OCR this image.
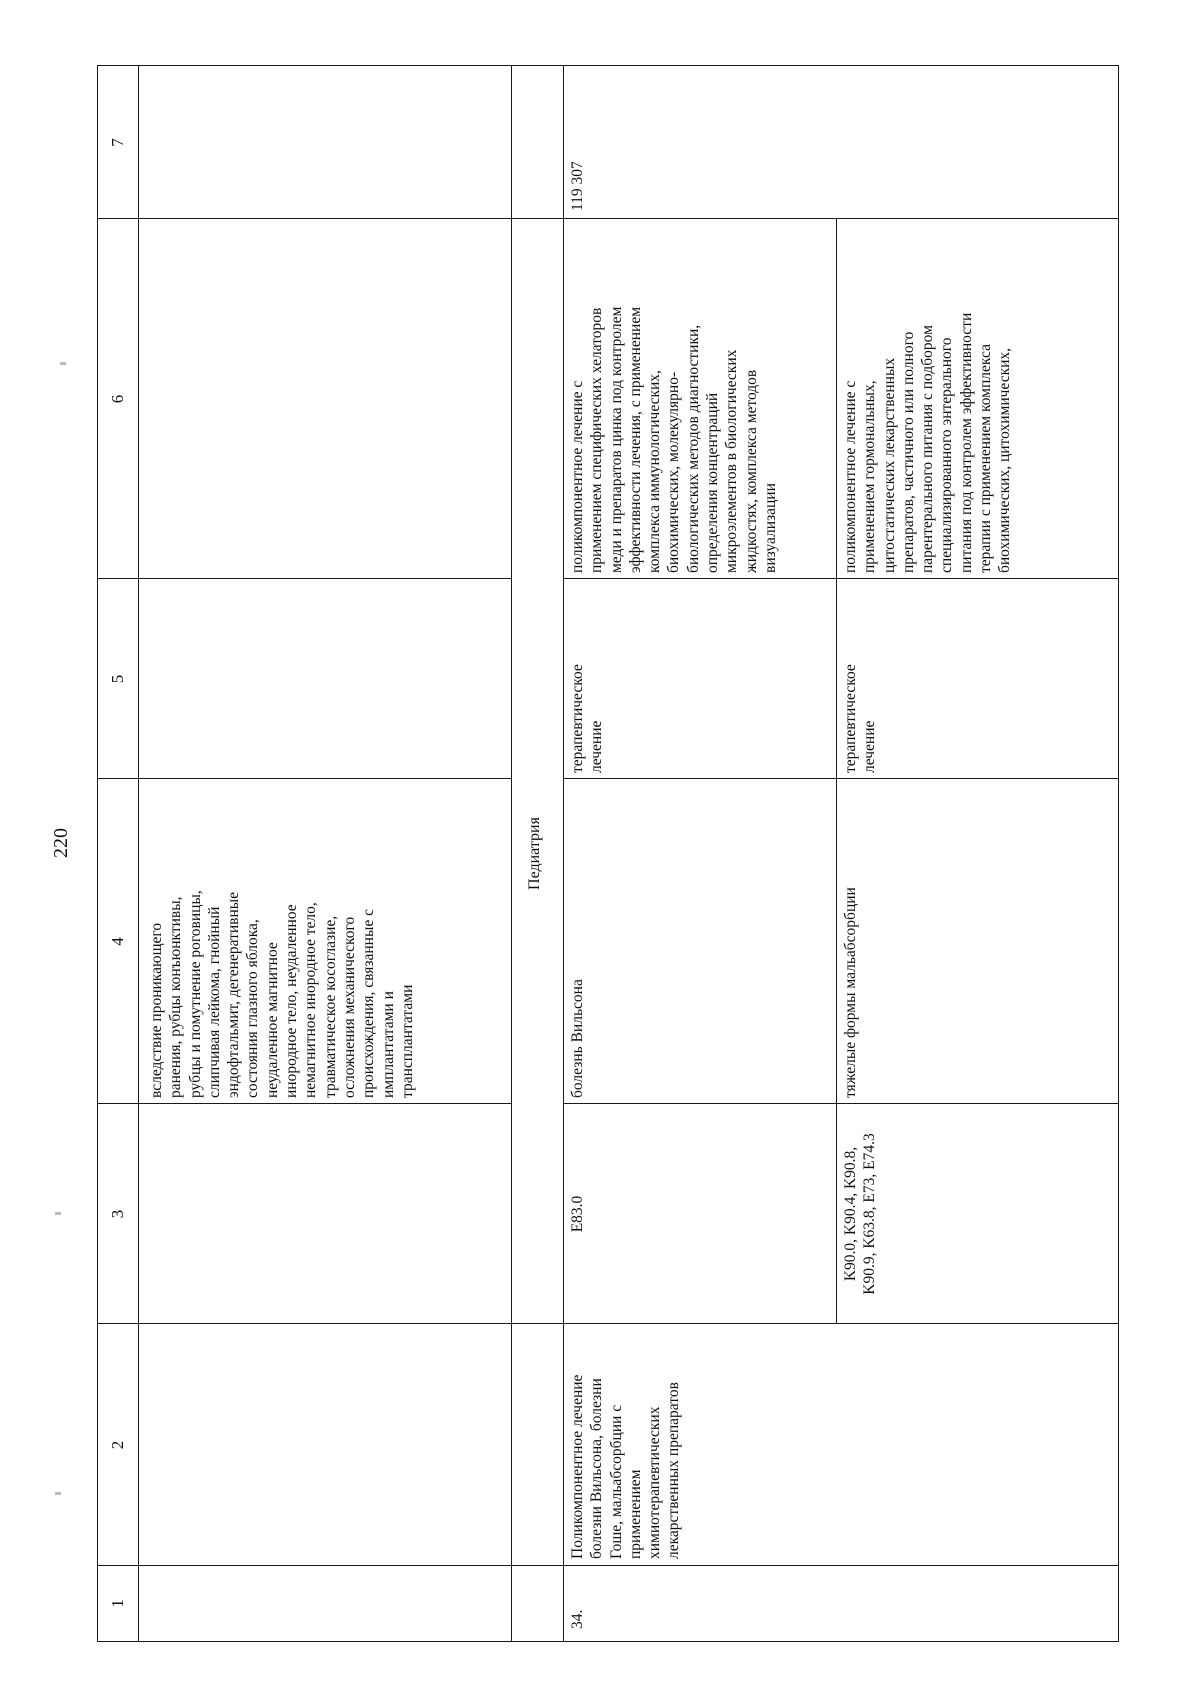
220
1
2
3
4
5
6
7
вследствие проникающего
ранения, рубцы конъюнктивы,
рубцы и помутнение роговицы,
слипчивая лейкома, гнойный
эндофтальмит, дегенеративные
состояния глазного яблока,
неудаленное магнитное
инородное тело, неудаленное
немагнитное инородное тело,
травматическое косоглазие,
осложнения механического
происхождения, связанные с
имплантатами и
трансплантатами
Педиатрия
34.
Поликомпонентное лечение
болезни Вильсона, болезни
Гоше, мальабсорбции с
применением
химиотерапевтических
лекарственных препаратов
119 307
E83.0
болезнь Вильсона
терапевтическое
лечение
поликомпонентное лечение с
применением специфических хелаторов
меди и препаратов цинка под контролем
эффективности лечения, с применением
комплекса иммунологических,
биохимических, молекулярно-
биологических методов диагностики,
определения концентраций
микроэлементов в биологических
жидкостях, комплекса методов
визуализации
K90.0, K90.4, K90.8,
K90.9, K63.8, E73, E74.3
тяжелые формы мальабсорбции
терапевтическое
лечение
поликомпонентное лечение с
применением гормональных,
цитостатических лекарственных
препаратов, частичного или полного
парентерального питания с подбором
специализированного энтерального
питания под контролем эффективности
терапии с применением комплекса
биохимических, цитохимических,
